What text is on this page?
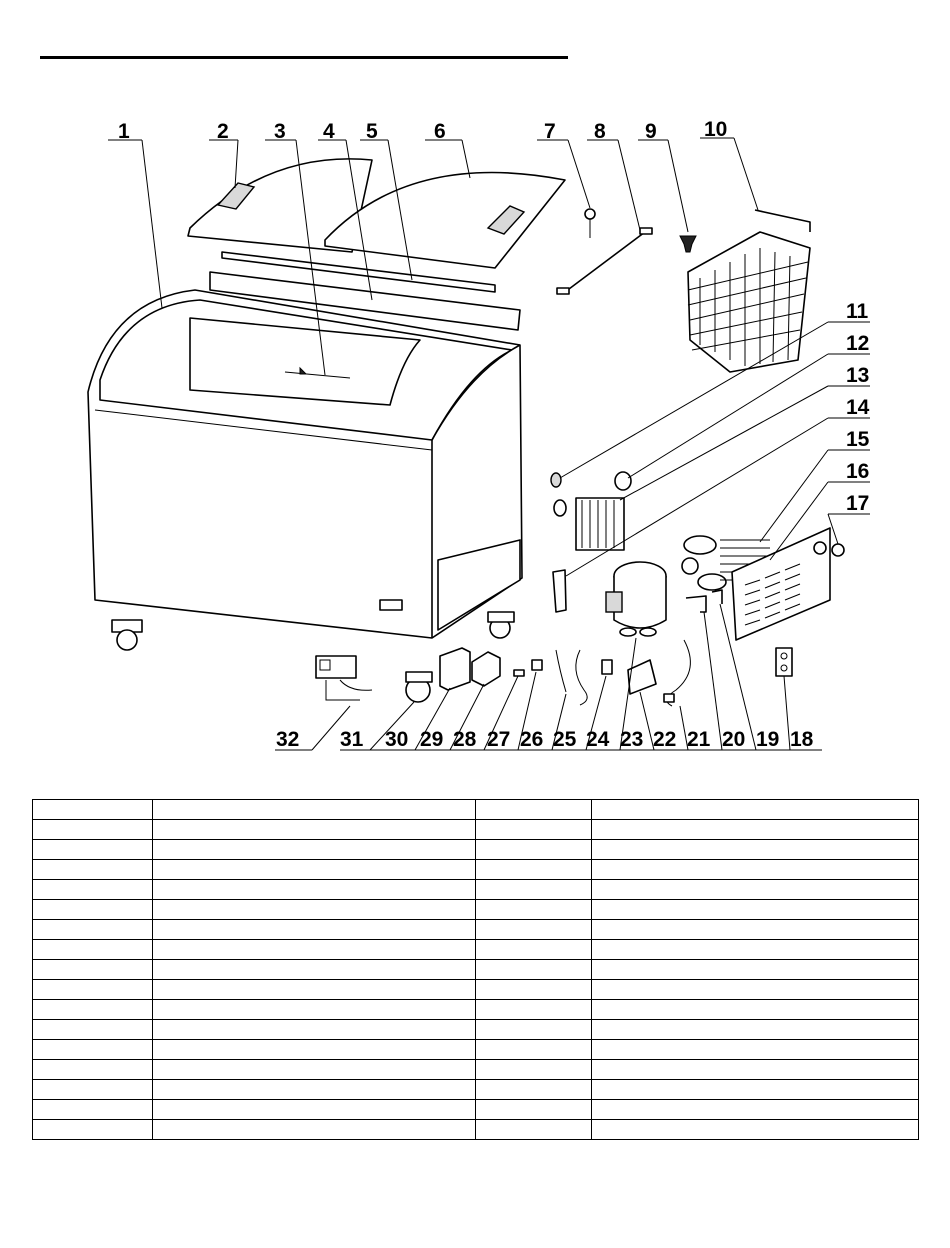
1	2 3 4 5	6	7 8 9 10
11
12
13
14
15
16
17
32 31 30 29 28 27 26 25 24 23 22 21 20 19 18
